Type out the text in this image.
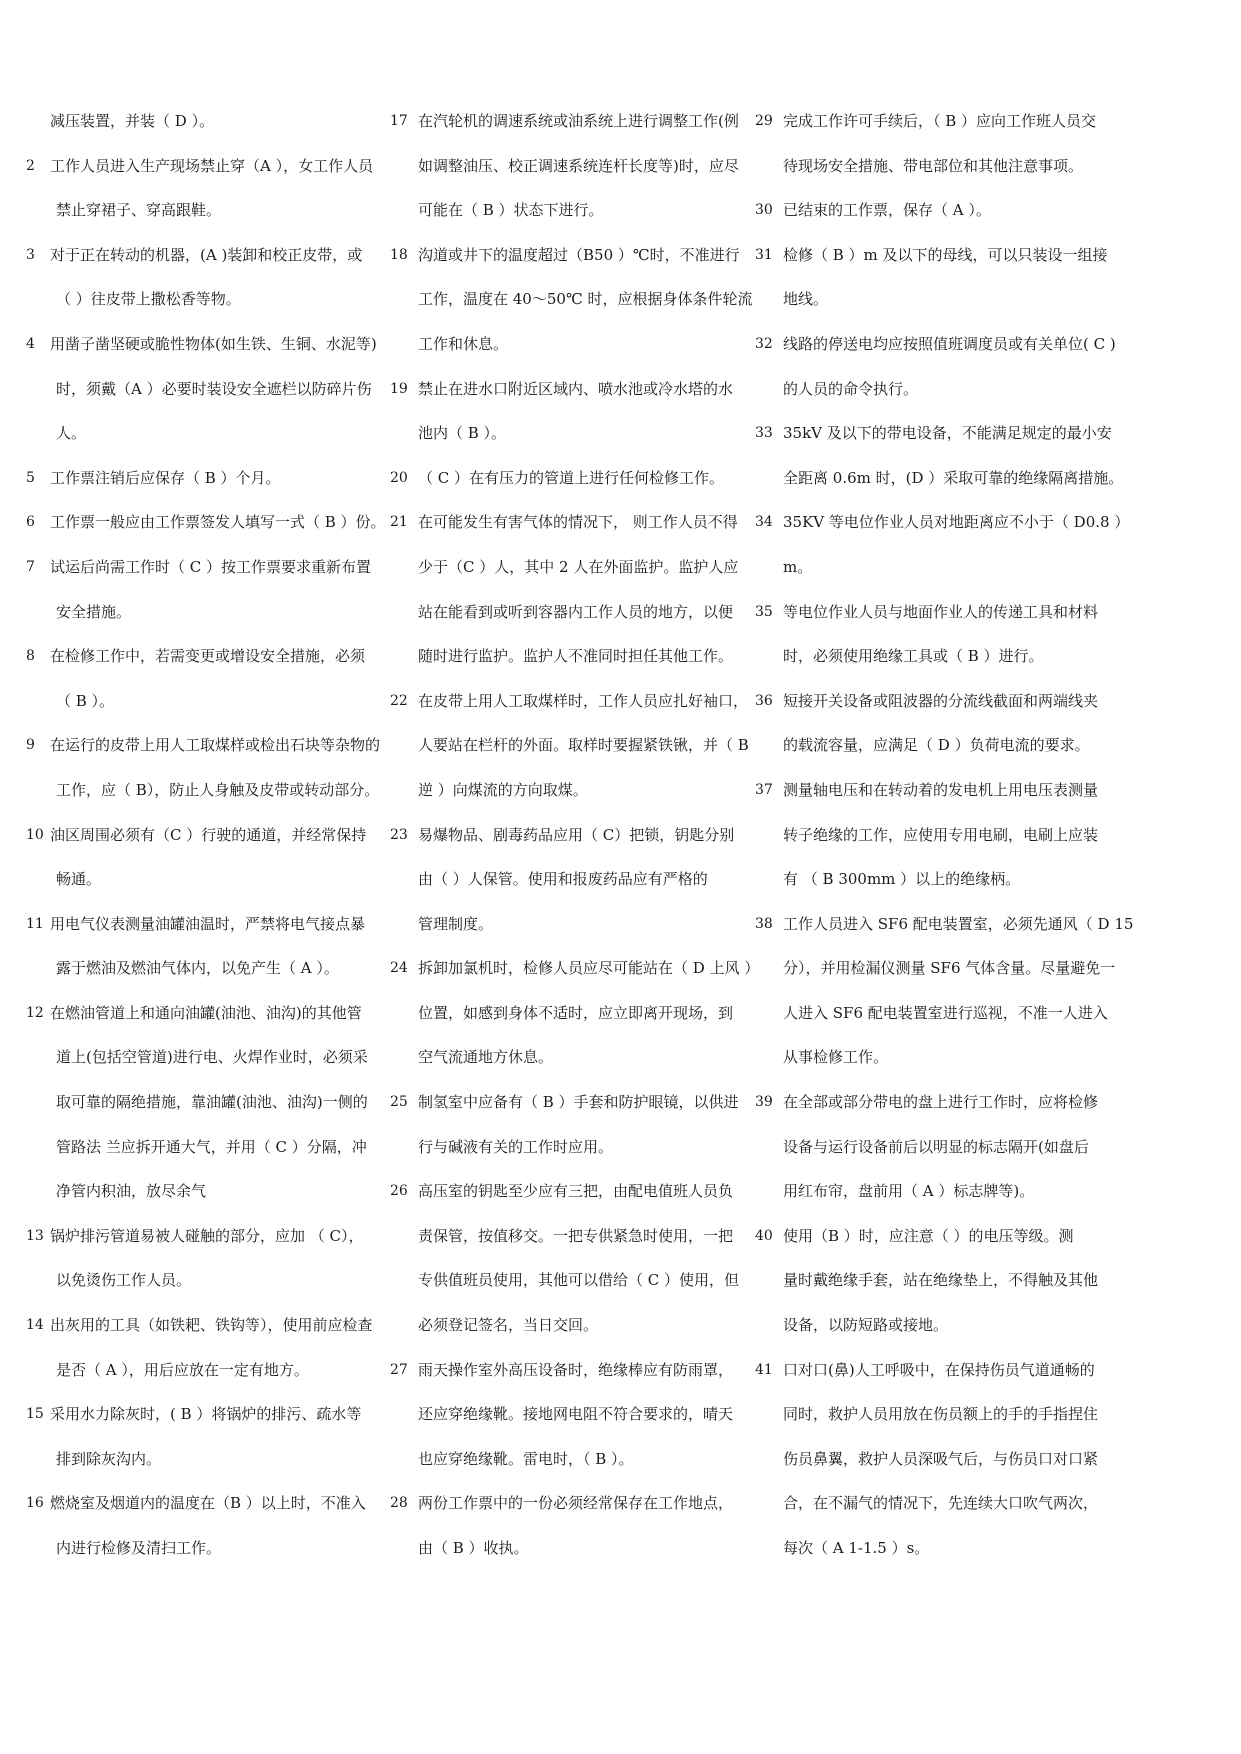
减压装置，并装（ D ）。
2 工作人员进入生产现场禁止穿（A ），女工作人员
禁止穿裙子、穿高跟鞋。
3 对于正在转动的机器，(A )装卸和校正皮带，或
（ ）往皮带上撒松香等物。
4 用凿子凿坚硬或脆性物体(如生铁、生铜、水泥等)
时，须戴（A ）必要时装设安全遮栏以防碎片伤
人。
5 工作票注销后应保存（ B ）个月。
6 工作票一般应由工作票签发人填写一式（ B ）份。
7 试运后尚需工作时（ C ）按工作票要求重新布置
安全措施。
8 在检修工作中，若需变更或增设安全措施，必须
（ B ）。
9 在运行的皮带上用人工取煤样或检出石块等杂物的
工作，应（ B），防止人身触及皮带或转动部分。
10 油区周围必须有（C ）行驶的通道，并经常保持
畅通。
11 用电气仪表测量油罐油温时，严禁将电气接点暴
露于燃油及燃油气体内，以免产生（ A ）。
12 在燃油管道上和通向油罐(油池、油沟)的其他管
道上(包括空管道)进行电、火焊作业时，必须采
取可靠的隔绝措施，靠油罐(油池、油沟)一侧的
管路法 兰应拆开通大气，并用（ C ）分隔，冲
净管内积油，放尽余气
13 锅炉排污管道易被人碰触的部分，应加 （ C），
以免烫伤工作人员。
14 出灰用的工具（如铁耙、铁钩等），使用前应检查
是否（ A ），用后应放在一定有地方。
15 采用水力除灰时，( B ）将锅炉的排污、疏水等
排到除灰沟内。
16 燃烧室及烟道内的温度在（B ）以上时，不准入
内进行检修及清扫工作。
17 在汽轮机的调速系统或油系统上进行调整工作(例
如调整油压、校正调速系统连杆长度等)时，应尽
可能在（ B ）状态下进行。
18 沟道或井下的温度超过（B50 ）℃时，不准进行
工作，温度在 40～50℃ 时，应根据身体条件轮流
工作和休息。
19 禁止在进水口附近区域内、喷水池或冷水塔的水
池内（ B ）。
20 （ C ）在有压力的管道上进行任何检修工作。
21 在可能发生有害气体的情况下， 则工作人员不得
少于（C ）人，其中 2 人在外面监护。监护人应
站在能看到或听到容器内工作人员的地方，以便
随时进行监护。监护人不准同时担任其他工作。
22 在皮带上用人工取煤样时，工作人员应扎好袖口，
人要站在栏杆的外面。取样时要握紧铁锹，并（ B
逆 ）向煤流的方向取煤。
23 易爆物品、剧毒药品应用（ C）把锁，钥匙分别
由（ ）人保管。使用和报废药品应有严格的
管理制度。
24 拆卸加氯机时，检修人员应尽可能站在（ D 上风 ）
位置，如感到身体不适时，应立即离开现场，到
空气流通地方休息。
25 制氢室中应备有（ B ）手套和防护眼镜，以供进
行与碱液有关的工作时应用。
26 高压室的钥匙至少应有三把，由配电值班人员负
责保管，按值移交。一把专供紧急时使用，一把
专供值班员使用，其他可以借给（ C ）使用，但
必须登记签名，当日交回。
27 雨天操作室外高压设备时，绝缘棒应有防雨罩，
还应穿绝缘靴。接地网电阻不符合要求的，晴天
也应穿绝缘靴。雷电时，（ B ）。
28 两份工作票中的一份必须经常保存在工作地点，
由（ B ）收执。
29 完成工作许可手续后，（ B ）应向工作班人员交
待现场安全措施、带电部位和其他注意事项。
30 已结束的工作票，保存（ A ）。
31 检修（ B ）m 及以下的母线，可以只装设一组接
地线。
32 线路的停送电均应按照值班调度员或有关单位( C )
的人员的命令执行。
33 35kV 及以下的带电设备，不能满足规定的最小安
全距离 0.6m 时，(D ）采取可靠的绝缘隔离措施。
34 35KV 等电位作业人员对地距离应不小于（ D0.8 ）
m。
35 等电位作业人员与地面作业人的传递工具和材料
时，必须使用绝缘工具或（ B ）进行。
36 短接开关设备或阻波器的分流线截面和两端线夹
的载流容量，应满足（ D ）负荷电流的要求。
37 测量轴电压和在转动着的发电机上用电压表测量
转子绝缘的工作，应使用专用电刷，电刷上应装
有 （ B 300mm ）以上的绝缘柄。
38 工作人员进入 SF6 配电装置室，必须先通风（ D 15
分），并用检漏仪测量 SF6 气体含量。尽量避免一
人进入 SF6 配电装置室进行巡视，不准一人进入
从事检修工作。
39 在全部或部分带电的盘上进行工作时，应将检修
设备与运行设备前后以明显的标志隔开(如盘后
用红布帘，盘前用（ A ）标志牌等)。
40 使用（B ）时，应注意（ ）的电压等级。测
量时戴绝缘手套，站在绝缘垫上，不得触及其他
设备，以防短路或接地。
41 口对口(鼻)人工呼吸中，在保持伤员气道通畅的
同时，救护人员用放在伤员额上的手的手指捏住
伤员鼻翼，救护人员深吸气后，与伤员口对口紧
合，在不漏气的情况下，先连续大口吹气两次，
每次（ A 1-1.5 ）s。
